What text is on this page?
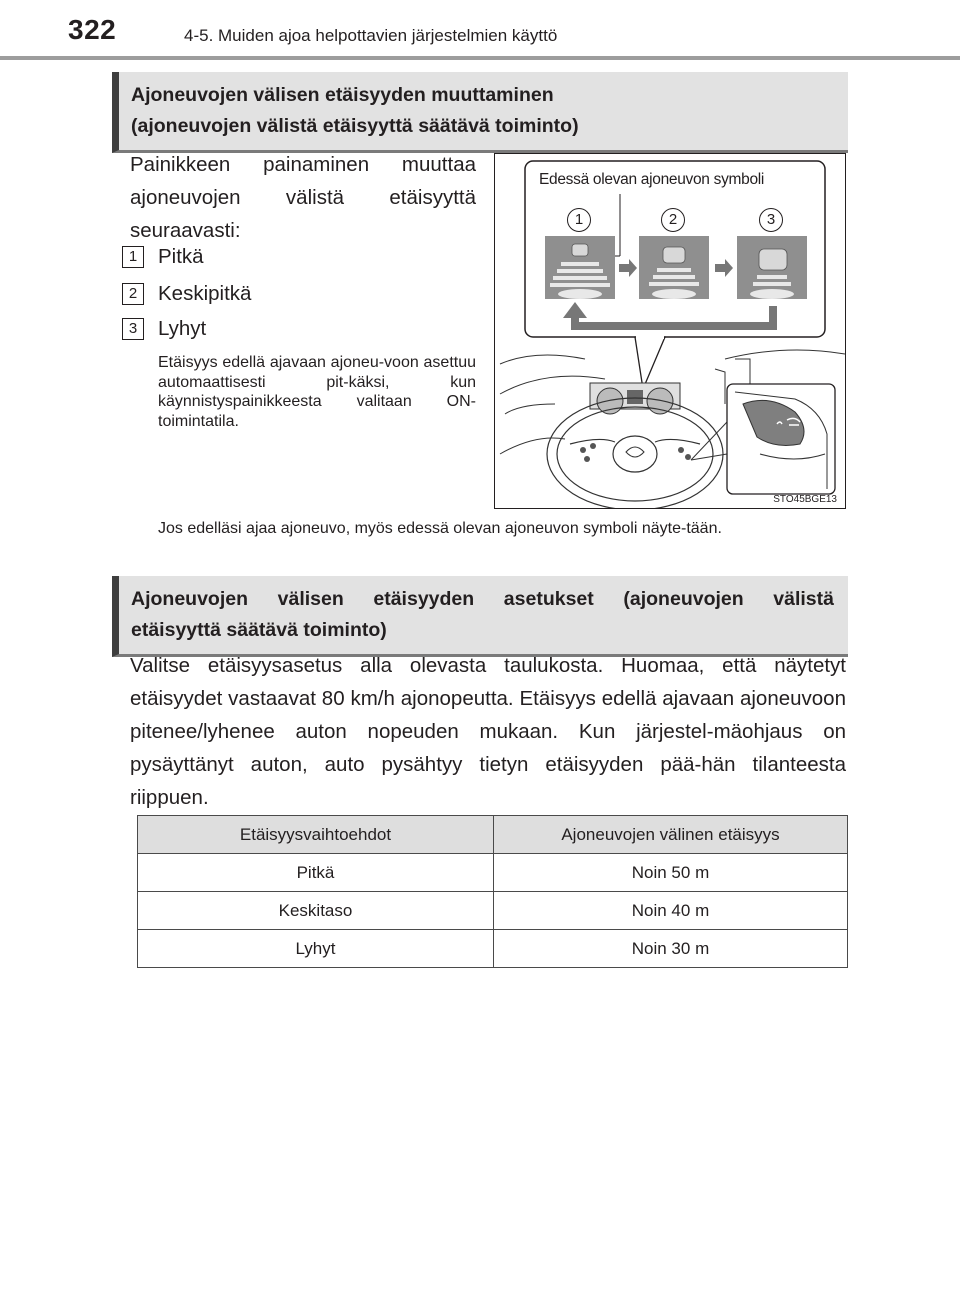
322	4-5. Muiden ajoa helpottavien järjestelmien käyttö
Ajoneuvojen välisen etäisyyden muuttaminen
(ajoneuvojen välistä etäisyyttä säätävä toiminto)
Painikkeen painaminen muuttaa ajoneuvojen välistä etäisyyttä seuraavasti:
1	Pitkä
2	Keskipitkä
3	Lyhyt
Etäisyys edellä ajavaan ajoneu-voon asettuu automaattisesti pit-käksi, kun käynnistyspainikkeesta valitaan ON-toimintatila.
Edessä olevan ajoneuvon symboli
1	2	3
STO45BGE13
Jos edelläsi ajaa ajoneuvo, myös edessä olevan ajoneuvon symboli näyte-tään.
Ajoneuvojen välisen etäisyyden asetukset (ajoneuvojen välistä
etäisyyttä säätävä toiminto)
Valitse etäisyysasetus alla olevasta taulukosta. Huomaa, että näytetyt etäisyydet vastaavat 80 km/h ajonopeutta. Etäisyys edellä ajavaan ajoneuvoon pitenee/lyhenee auton nopeuden mukaan. Kun järjestel-mäohjaus on pysäyttänyt auton, auto pysähtyy tietyn etäisyyden pää-hän tilanteesta riippuen.
Etäisyysvaihtoehdot	Ajoneuvojen välinen etäisyys
Pitkä	Noin 50 m
Keskitaso	Noin 40 m
Lyhyt	Noin 30 m
